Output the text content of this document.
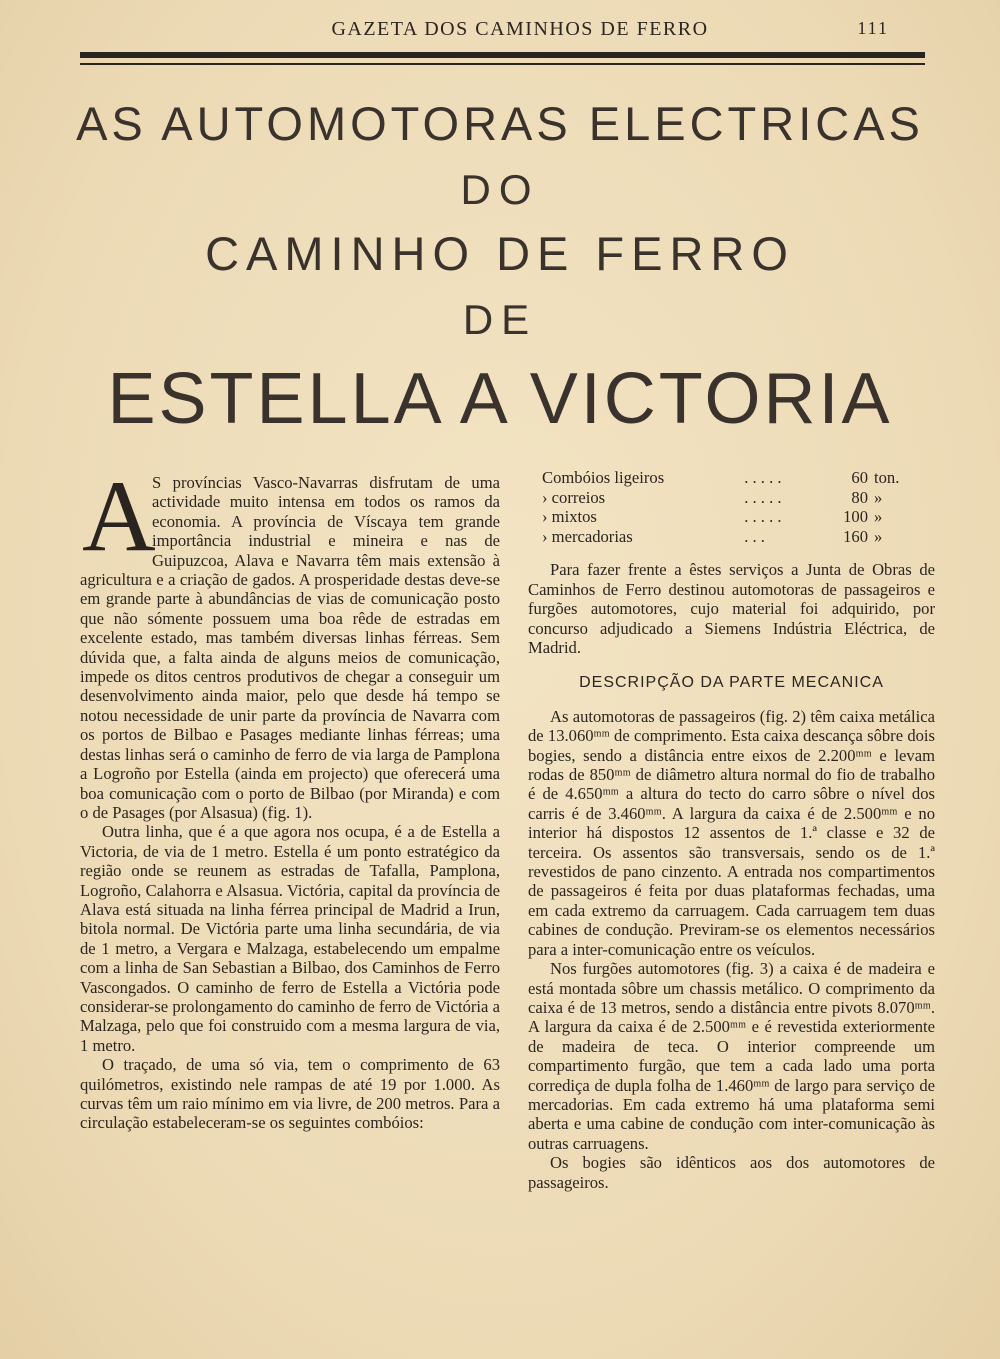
GAZETA DOS CAMINHOS DE FERRO	111
AS AUTOMOTORAS ELECTRICAS
DO
CAMINHO DE FERRO
DE
ESTELLA A VICTORIA

A
S províncias Vasco-Navarras disfrutam de uma actividade muito intensa em todos os ramos da economia. A província de Víscaya tem grande importância industrial e mineira e nas de Guipuzcoa, Alava e Navarra têm mais extensão à agricultura e a criação de gados. A prosperidade destas deve-se em grande parte à abundâncias de vias de comunicação posto que não sómente possuem uma boa rêde de estradas em excelente estado, mas também diversas linhas férreas. Sem dúvida que, a falta ainda de alguns meios de comunicação, impede os ditos centros produtivos de chegar a conseguir um desenvolvimento ainda maior, pelo que desde há tempo se notou necessidade de unir parte da província de Navarra com os portos de Bilbao e Pasages mediante linhas férreas; uma destas linhas será o caminho de ferro de via larga de Pamplona a Logroño por Estella (ainda em projecto) que oferecerá uma boa comunicação com o porto de Bilbao (por Miranda) e com o de Pasages (por Alsasua) (fig. 1).

Outra linha, que é a que agora nos ocupa, é a de Estella a Victoria, de via de 1 metro. Estella é um ponto estratégico da região onde se reunem as estradas de Tafalla, Pamplona, Logroño, Calahorra e Alsasua. Victória, capital da província de Alava está situada na linha férrea principal de Madrid a Irun, bitola normal. De Victória parte uma linha secundária, de via de 1 metro, a Vergara e Malzaga, estabelecendo um empalme com a linha de San Sebastian a Bilbao, dos Caminhos de Ferro Vascongados. O caminho de ferro de Estella a Victória pode considerar-se prolongamento do caminho de ferro de Victória a Malzaga, pelo que foi construido com a mesma largura de via, 1 metro.

O traçado, de uma só via, tem o comprimento de 63 quilómetros, existindo nele rampas de até 19 por 1.000. As curvas têm um raio mínimo em via livre, de 200 metros. Para a circulação estabeleceram-se os seguintes combóios:

Combóios ligeiros	. . . . .	60	ton.
› correios	. . . . .	80	»
› mixtos	. . . . .	100	»
› mercadorias	. . .	160	»

Para fazer frente a êstes serviços a Junta de Obras de Caminhos de Ferro destinou automotoras de passageiros e furgões automotores, cujo material foi adquirido, por concurso adjudicado a Siemens Indústria Eléctrica, de Madrid.

DESCRIPÇÃO DA PARTE MECANICA

As automotoras de passageiros (fig. 2) têm caixa metálica de 13.060ᵐᵐ de comprimento. Esta caixa descança sôbre dois bogies, sendo a distância entre eixos de 2.200ᵐᵐ e levam rodas de 850ᵐᵐ de diâmetro altura normal do fio de trabalho é de 4.650ᵐᵐ a altura do tecto do carro sôbre o nível dos carris é de 3.460ᵐᵐ. A largura da caixa é de 2.500ᵐᵐ e no interior há dispostos 12 assentos de 1.ª classe e 32 de terceira. Os assentos são transversais, sendo os de 1.ª revestidos de pano cinzento. A entrada nos compartimentos de passageiros é feita por duas plataformas fechadas, uma em cada extremo da carruagem. Cada carruagem tem duas cabines de condução. Previram-se os elementos necessários para a inter-comunicação entre os veículos.

Nos furgões automotores (fig. 3) a caixa é de madeira e está montada sôbre um chassis metálico. O comprimento da caixa é de 13 metros, sendo a distância entre pivots 8.070ᵐᵐ. A largura da caixa é de 2.500ᵐᵐ e é revestida exteriormente de madeira de teca. O interior compreende um compartimento furgão, que tem a cada lado uma porta corrediça de dupla folha de 1.460ᵐᵐ de largo para serviço de mercadorias. Em cada extremo há uma plataforma semi aberta e uma cabine de condução com inter-comunicação às outras carruagens.

Os bogies são idênticos aos dos automotores de passageiros.
